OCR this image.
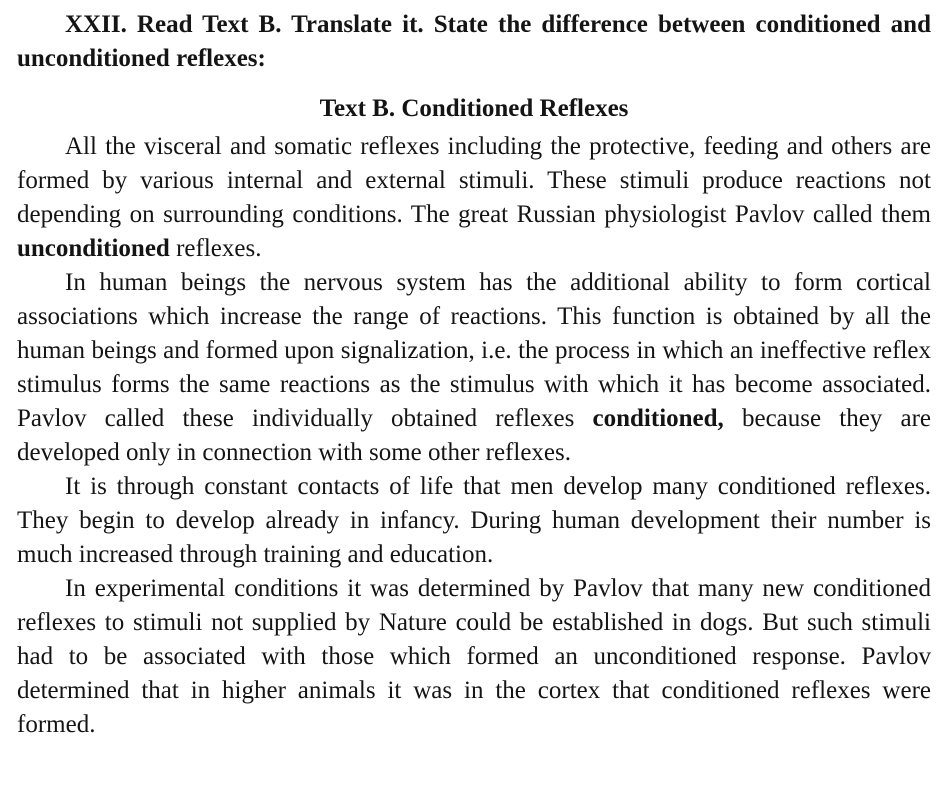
XXII. Read Text B. Translate it. State the difference between conditioned and unconditioned reflexes:

Text B. Conditioned Reflexes

All the visceral and somatic reflexes including the protective, feeding and others are formed by various internal and external stimuli. These stimuli produce reactions not depending on surrounding conditions. The great Russian physiologist Pavlov called them unconditioned reflexes.

In human beings the nervous system has the additional ability to form cortical associations which increase the range of reactions. This function is obtained by all the human beings and formed upon signalization, i.e. the process in which an ineffective reflex stimulus forms the same reactions as the stimulus with which it has become associated. Pavlov called these individually obtained reflexes conditioned, because they are developed only in connection with some other reflexes.

It is through constant contacts of life that men develop many conditioned reflexes. They begin to develop already in infancy. During human development their number is much increased through training and education.

In experimental conditions it was determined by Pavlov that many new conditioned reflexes to stimuli not supplied by Nature could be established in dogs. But such stimuli had to be associated with those which formed an unconditioned response. Pavlov determined that in higher animals it was in the cortex that conditioned reflexes were formed.
